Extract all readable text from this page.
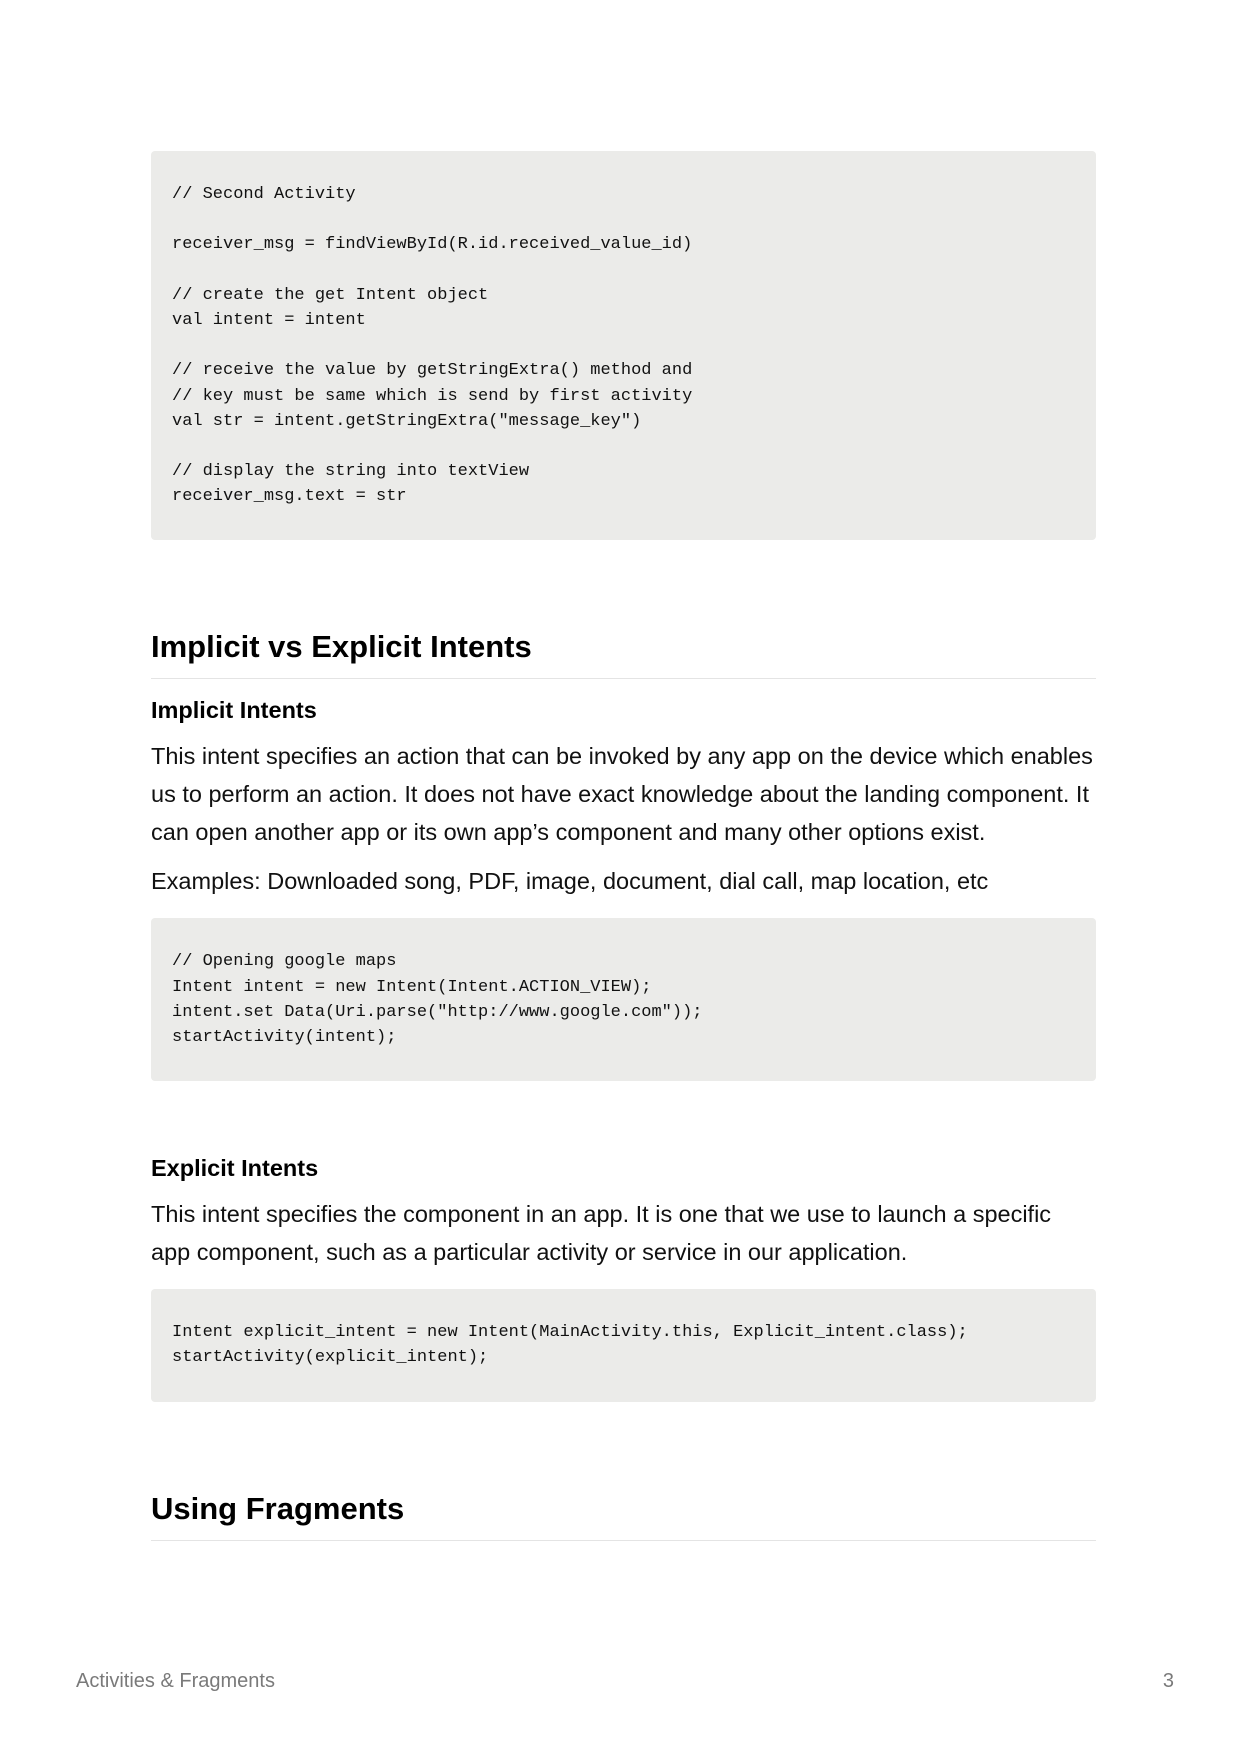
// Second Activity
receiver_msg = findViewById(R.id.received_value_id)
// create the get Intent object
val intent = intent
// receive the value by getStringExtra() method and
// key must be same which is send by first activity
val str = intent.getStringExtra("message_key")
// display the string into textView
receiver_msg.text = str
Implicit vs Explicit Intents
Implicit Intents

This intent specifies an action that can be invoked by any app on the device which enables us to perform an action. It does not have exact knowledge about the landing component. It can open another app or its own app’s component and many other options exist.

Examples: Downloaded song, PDF, image, document, dial call, map location, etc

// Opening google maps
Intent intent = new Intent(Intent.ACTION_VIEW);
intent.set Data(Uri.parse("http://www.google.com"));
startActivity(intent);
Explicit Intents

This intent specifies the component in an app. It is one that we use to launch a specific app component, such as a particular activity or service in our application.

Intent explicit_intent = new Intent(MainActivity.this, Explicit_intent.class);
startActivity(explicit_intent);
Using Fragments
Activities & Fragments	3
